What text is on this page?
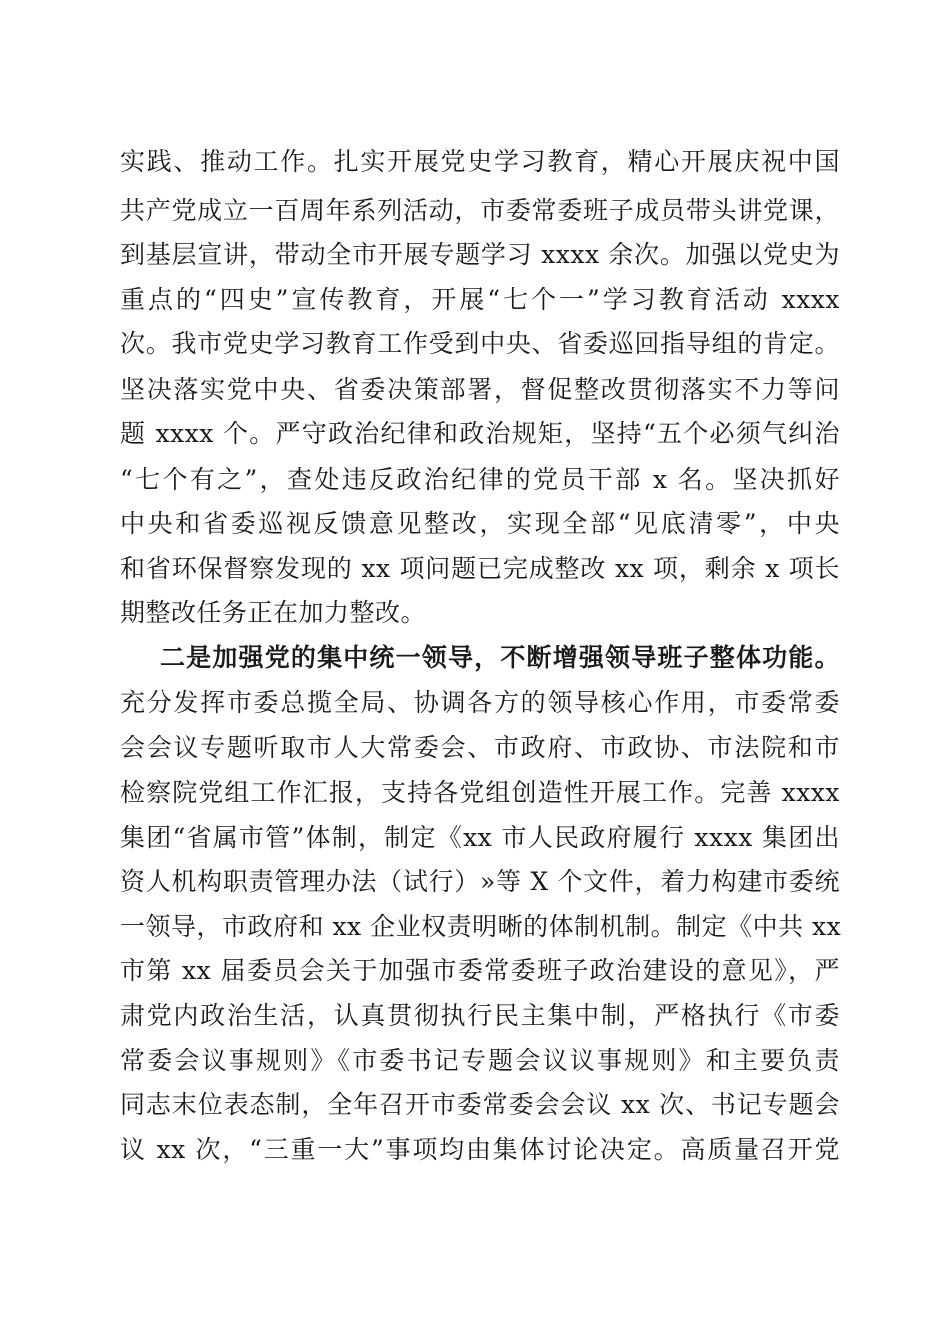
实践、推动工作。扎实开展党史学习教育，精心开展庆祝中国
共产党成立一百周年系列活动，市委常委班子成员带头讲党课，
到基层宣讲，带动全市开展专题学习 xxxx 余次。加强以党史为
重点的“四史”宣传教育，开展“七个一”学习教育活动 xxxx
次。我市党史学习教育工作受到中央、省委巡回指导组的肯定。
坚决落实党中央、省委决策部署，督促整改贯彻落实不力等问
题 xxxx 个。严守政治纪律和政治规矩，坚持“五个必须气纠治
“七个有之”，查处违反政治纪律的党员干部 x 名。坚决抓好
中央和省委巡视反馈意见整改，实现全部“见底清零”，中央
和省环保督察发现的 xx 项问题已完成整改 xx 项，剩余 x 项长
期整改任务正在加力整改。
二是加强党的集中统一领导，不断增强领导班子整体功能。
充分发挥市委总揽全局、协调各方的领导核心作用，市委常委
会会议专题听取市人大常委会、市政府、市政协、市法院和市
检察院党组工作汇报，支持各党组创造性开展工作。完善 xxxx
集团“省属市管”体制，制定《xx 市人民政府履行 xxxx 集团出
资人机构职责管理办法（试行）»等 X 个文件，着力构建市委统
一领导，市政府和 xx 企业权责明晰的体制机制。制定《中共 xx
市第 xx 届委员会关于加强市委常委班子政治建设的意见》，严
肃党内政治生活，认真贯彻执行民主集中制，严格执行《市委
常委会议事规则》《市委书记专题会议议事规则》和主要负责
同志末位表态制，全年召开市委常委会会议 xx 次、书记专题会
议 xx 次，“三重一大”事项均由集体讨论决定。高质量召开党
